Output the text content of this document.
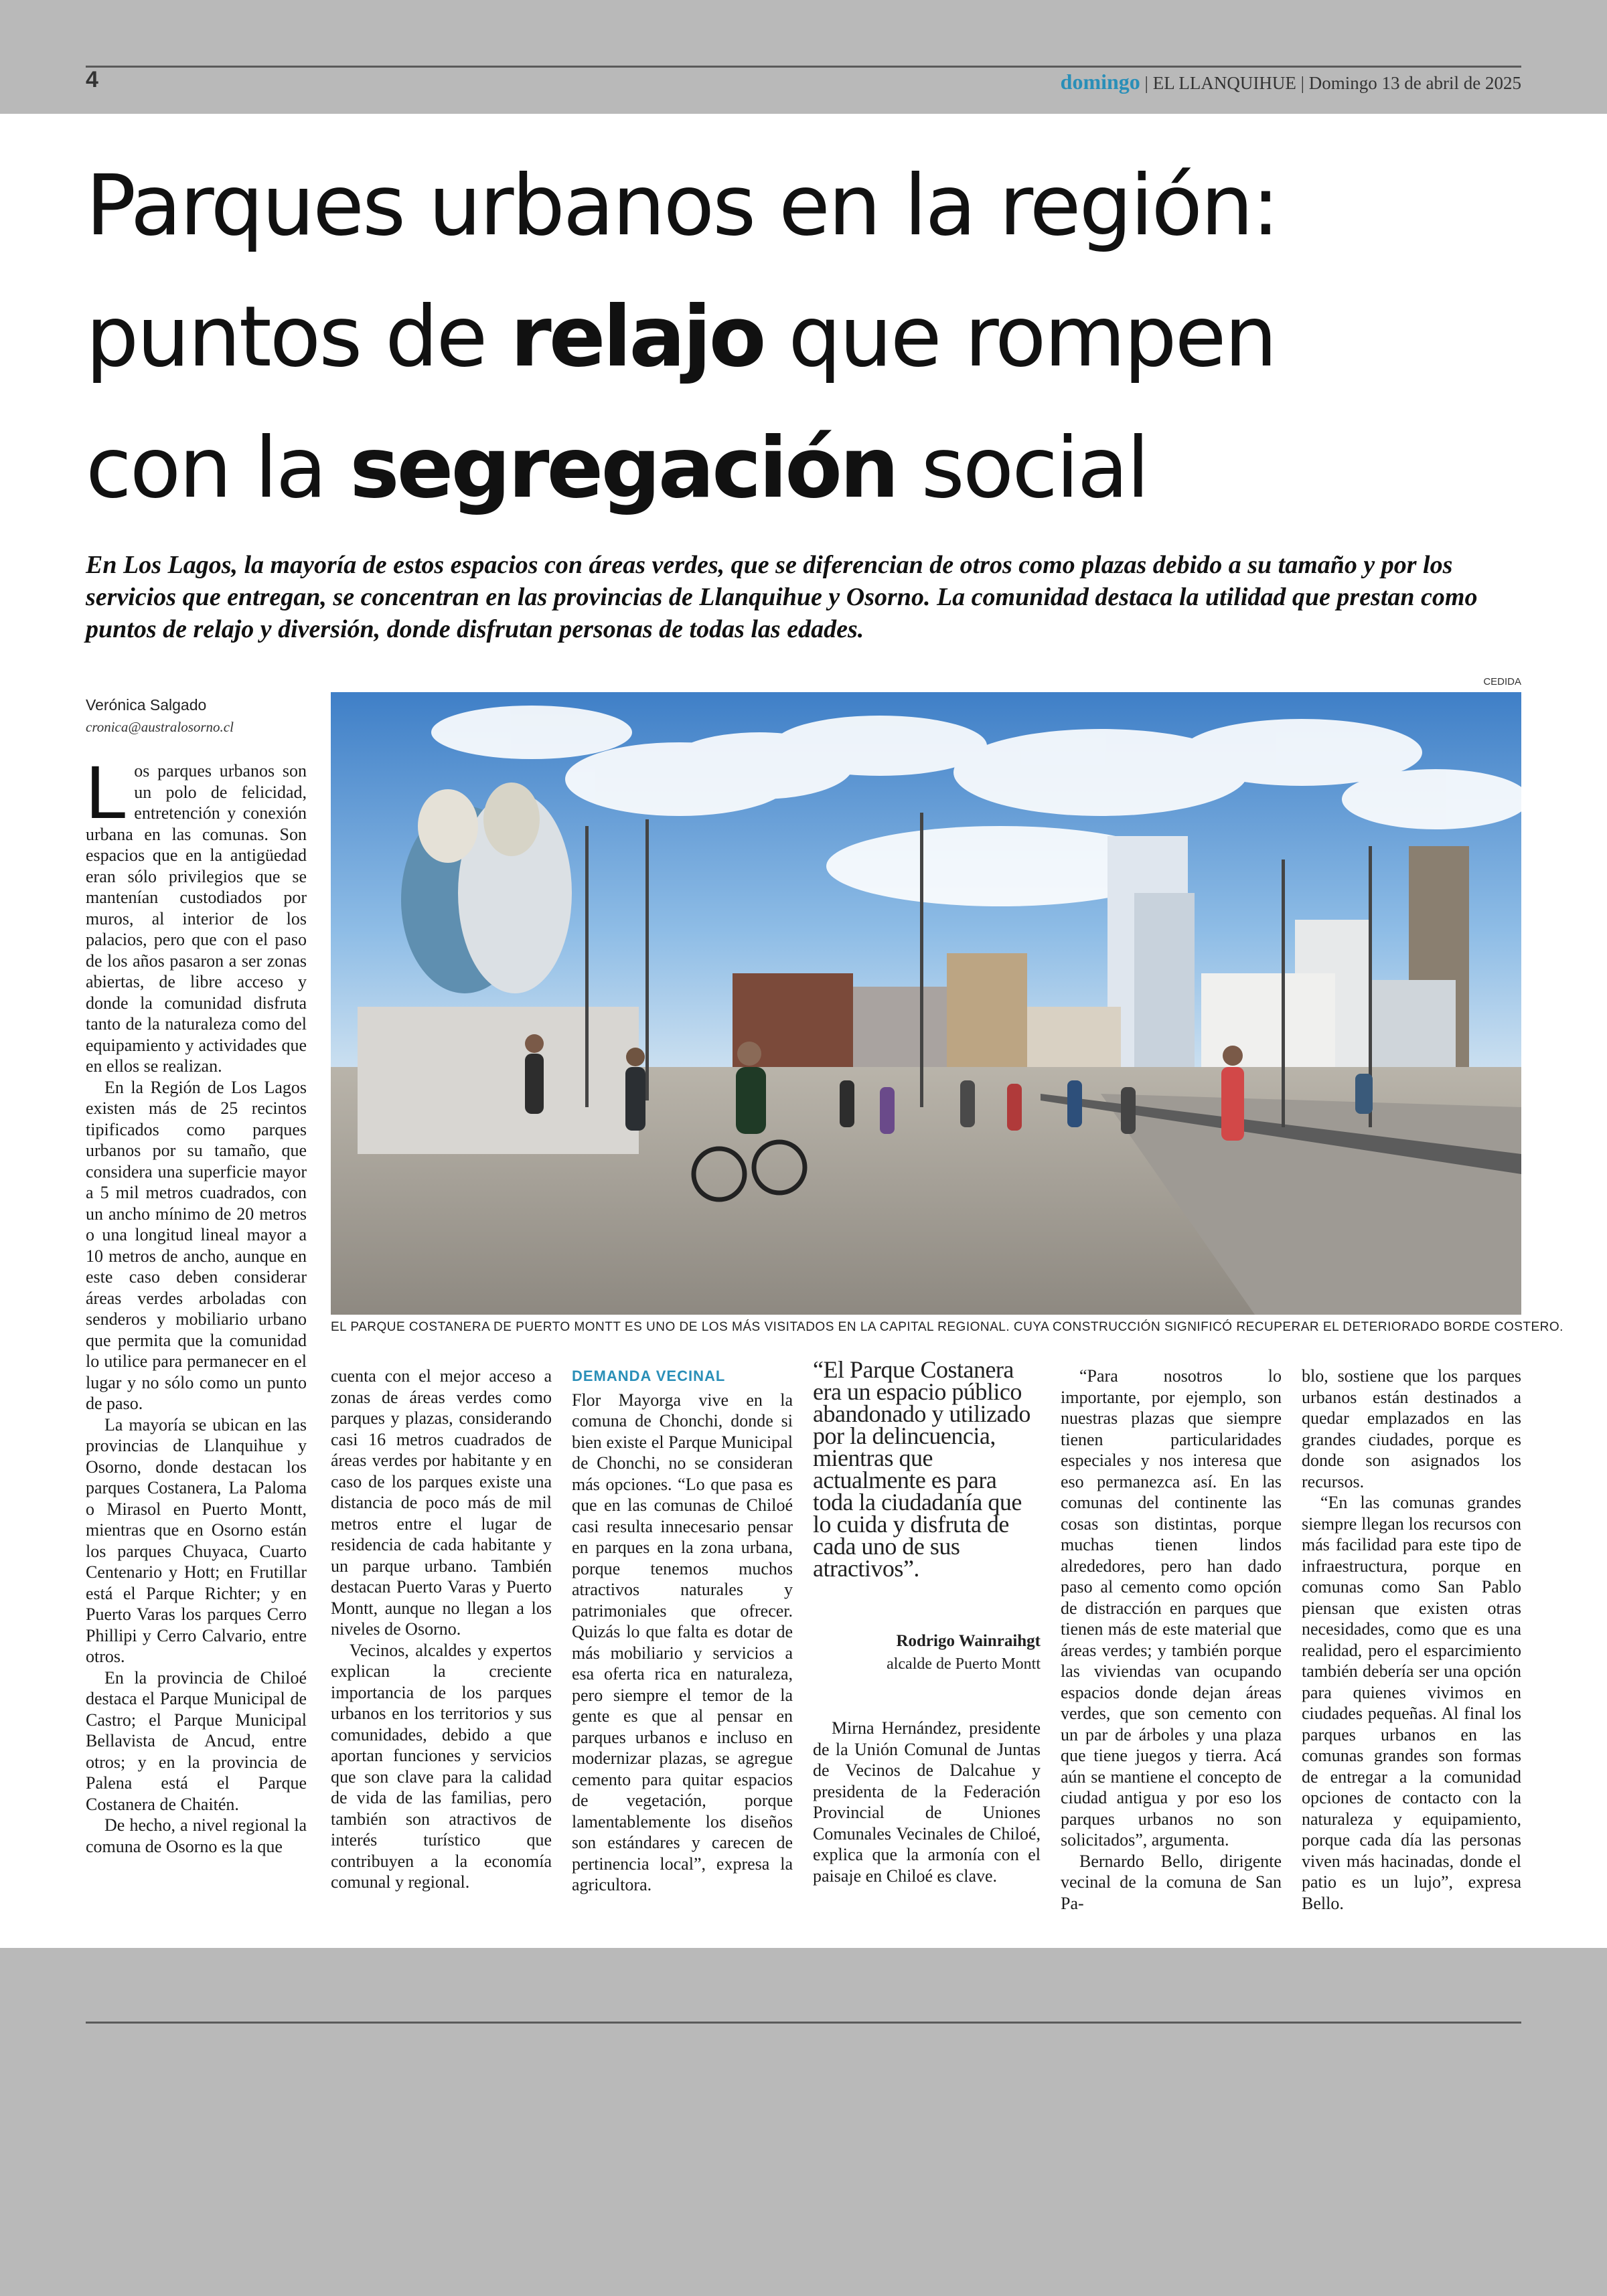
4	domingo | EL LLANQUIHUE | Domingo 13 de abril de 2025
Parques urbanos en la región:
puntos de relajo que rompen
con la segregación social

En Los Lagos, la mayoría de estos espacios con áreas verdes, que se diferencian de otros como plazas debido a su tamaño y por los servicios que entregan, se concentran en las provincias de Llanquihue y Osorno. La comunidad destaca la utilidad que prestan como puntos de relajo y diversión, donde disfrutan personas de todas las edades.

Verónica Salgado
cronica@australosorno.cl
CEDIDA
EL PARQUE COSTANERA DE PUERTO MONTT ES UNO DE LOS MÁS VISITADOS EN LA CAPITAL REGIONAL. CUYA CONSTRUCCIÓN SIGNIFICÓ RECUPERAR EL DETERIORADO BORDE COSTERO.

Los parques urbanos son un polo de felicidad, entretención y conexión urbana en las comunas. Son espacios que en la antigüedad eran sólo privilegios que se mantenían custodiados por muros, al interior de los palacios, pero que con el paso de los años pasaron a ser zonas abiertas, de libre acceso y donde la comunidad disfruta tanto de la naturaleza como del equipamiento y actividades que en ellos se realizan.

En la Región de Los Lagos existen más de 25 recintos tipificados como parques urbanos por su tamaño, que considera una superficie mayor a 5 mil metros cuadrados, con un ancho mínimo de 20 metros o una longitud lineal mayor a 10 metros de ancho, aunque en este caso deben considerar áreas verdes arboladas con senderos y mobiliario urbano que permita que la comunidad lo utilice para permanecer en el lugar y no sólo como un punto de paso.

La mayoría se ubican en las provincias de Llanquihue y Osorno, donde destacan los parques Costanera, La Paloma o Mirasol en Puerto Montt, mientras que en Osorno están los parques Chuyaca, Cuarto Centenario y Hott; en Frutillar está el Parque Richter; y en Puerto Varas los parques Cerro Phillipi y Cerro Calvario, entre otros.

En la provincia de Chiloé destaca el Parque Municipal de Castro; el Parque Municipal Bellavista de Ancud, entre otros; y en la provincia de Palena está el Parque Costanera de Chaitén.

De hecho, a nivel regional la comuna de Osorno es la que

cuenta con el mejor acceso a zonas de áreas verdes como parques y plazas, considerando casi 16 metros cuadrados de áreas verdes por habitante y en caso de los parques existe una distancia de poco más de mil metros entre el lugar de residencia de cada habitante y un parque urbano. También destacan Puerto Varas y Puerto Montt, aunque no llegan a los niveles de Osorno.

Vecinos, alcaldes y expertos explican la creciente importancia de los parques urbanos en los territorios y sus comunidades, debido a que aportan funciones y servicios que son clave para la calidad de vida de las familias, pero también son atractivos de interés turístico que contribuyen a la economía comunal y regional.

DEMANDA VECINAL

Flor Mayorga vive en la comuna de Chonchi, donde si bien existe el Parque Municipal de Chonchi, no se consideran más opciones. “Lo que pasa es que en las comunas de Chiloé casi resulta innecesario pensar en parques en la zona urbana, porque tenemos muchos atractivos naturales y patrimoniales que ofrecer. Quizás lo que falta es dotar de más mobiliario y servicios a esa oferta rica en naturaleza, pero siempre el temor de la gente es que al pensar en parques urbanos e incluso en modernizar plazas, se agregue cemento para quitar espacios de vegetación, porque lamentablemente los diseños son estándares y carecen de pertinencia local”, expresa la agricultora.

“El Parque Costanera era un espacio público abandonado y utilizado por la delincuencia, mientras que actualmente es para toda la ciudadanía que lo cuida y disfruta de cada uno de sus atractivos”.
Rodrigo Wainraihgt
alcalde de Puerto Montt

Mirna Hernández, presidente de la Unión Comunal de Juntas de Vecinos de Dalcahue y presidenta de la Federación Provincial de Uniones Comunales Vecinales de Chiloé, explica que la armonía con el paisaje en Chiloé es clave.

“Para nosotros lo importante, por ejemplo, son nuestras plazas que siempre tienen particularidades especiales y nos interesa que eso permanezca así. En las comunas del continente las cosas son distintas, porque muchas tienen lindos alrededores, pero han dado paso al cemento como opción de distracción en parques que tienen más de este material que áreas verdes; y también porque las viviendas van ocupando espacios donde dejan áreas verdes, que son cemento con un par de árboles y una plaza que tiene juegos y tierra. Acá aún se mantiene el concepto de ciudad antigua y por eso los parques urbanos no son solicitados”, argumenta.

Bernardo Bello, dirigente vecinal de la comuna de San Pa-

blo, sostiene que los parques urbanos están destinados a quedar emplazados en las grandes ciudades, porque es donde son asignados los recursos.

“En las comunas grandes siempre llegan los recursos con más facilidad para este tipo de infraestructura, porque en comunas como San Pablo piensan que existen otras necesidades, como que es una realidad, pero el esparcimiento también debería ser una opción para quienes vivimos en ciudades pequeñas. Al final los parques urbanos en las comunas grandes son formas de entregar a la comunidad opciones de contacto con la naturaleza y equipamiento, porque cada día las personas viven más hacinadas, donde el patio es un lujo”, expresa Bello.
